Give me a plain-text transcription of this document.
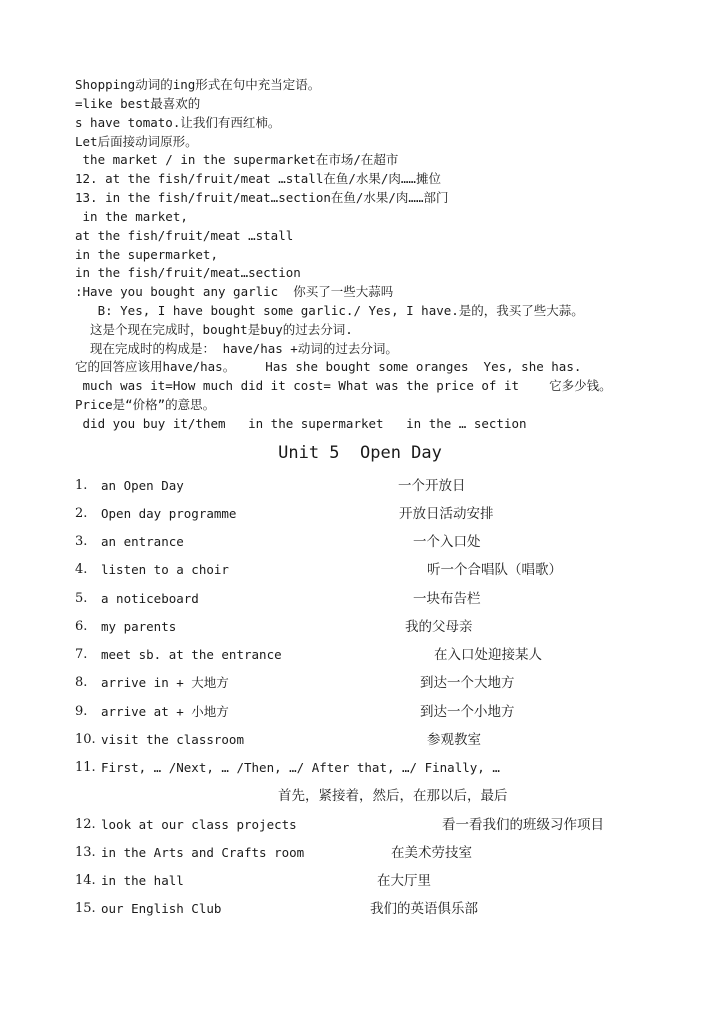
Shopping动词的ing形式在句中充当定语。
=like best最喜欢的
s have tomato.让我们有西红柿。
Let后面接动词原形。
the market / in the supermarket在市场/在超市
12. at the fish/fruit/meat …stall在鱼/水果/肉……摊位
13. in the fish/fruit/meat…section在鱼/水果/肉……部门
in the market,
at the fish/fruit/meat …stall
in the supermarket,
in the fish/fruit/meat…section
:Have you bought any garlic  你买了一些大蒜吗
B: Yes, I have bought some garlic./ Yes, I have.是的，我买了些大蒜。
这是个现在完成时，bought是buy的过去分词.
现在完成时的构成是： have/has +动词的过去分词。
它的回答应该用have/has。    Has she bought some oranges  Yes, she has.
much was it=How much did it cost= What was the price of it    它多少钱。
Price是“价格”的意思。
did you buy it/them   in the supermarket   in the … section
Unit 5  Open Day
1. an Open Day	一个开放日
2. Open day programme	开放日活动安排
3. an entrance	一个入口处
4. listen to a choir	听一个合唱队（唱歌）
5. a noticeboard	一块布告栏
6. my parents	我的父母亲
7. meet sb. at the entrance	在入口处迎接某人
8. arrive in + 大地方	到达一个大地方
9. arrive at + 小地方	到达一个小地方
10. visit the classroom	参观教室
11. First, … /Next, … /Then, …/ After that, …/ Finally, …
首先，紧接着，然后，在那以后，最后
12. look at our class projects	看一看我们的班级习作项目
13. in the Arts and Crafts room	在美术劳技室
14. in the hall	在大厅里
15. our English Club	我们的英语俱乐部
